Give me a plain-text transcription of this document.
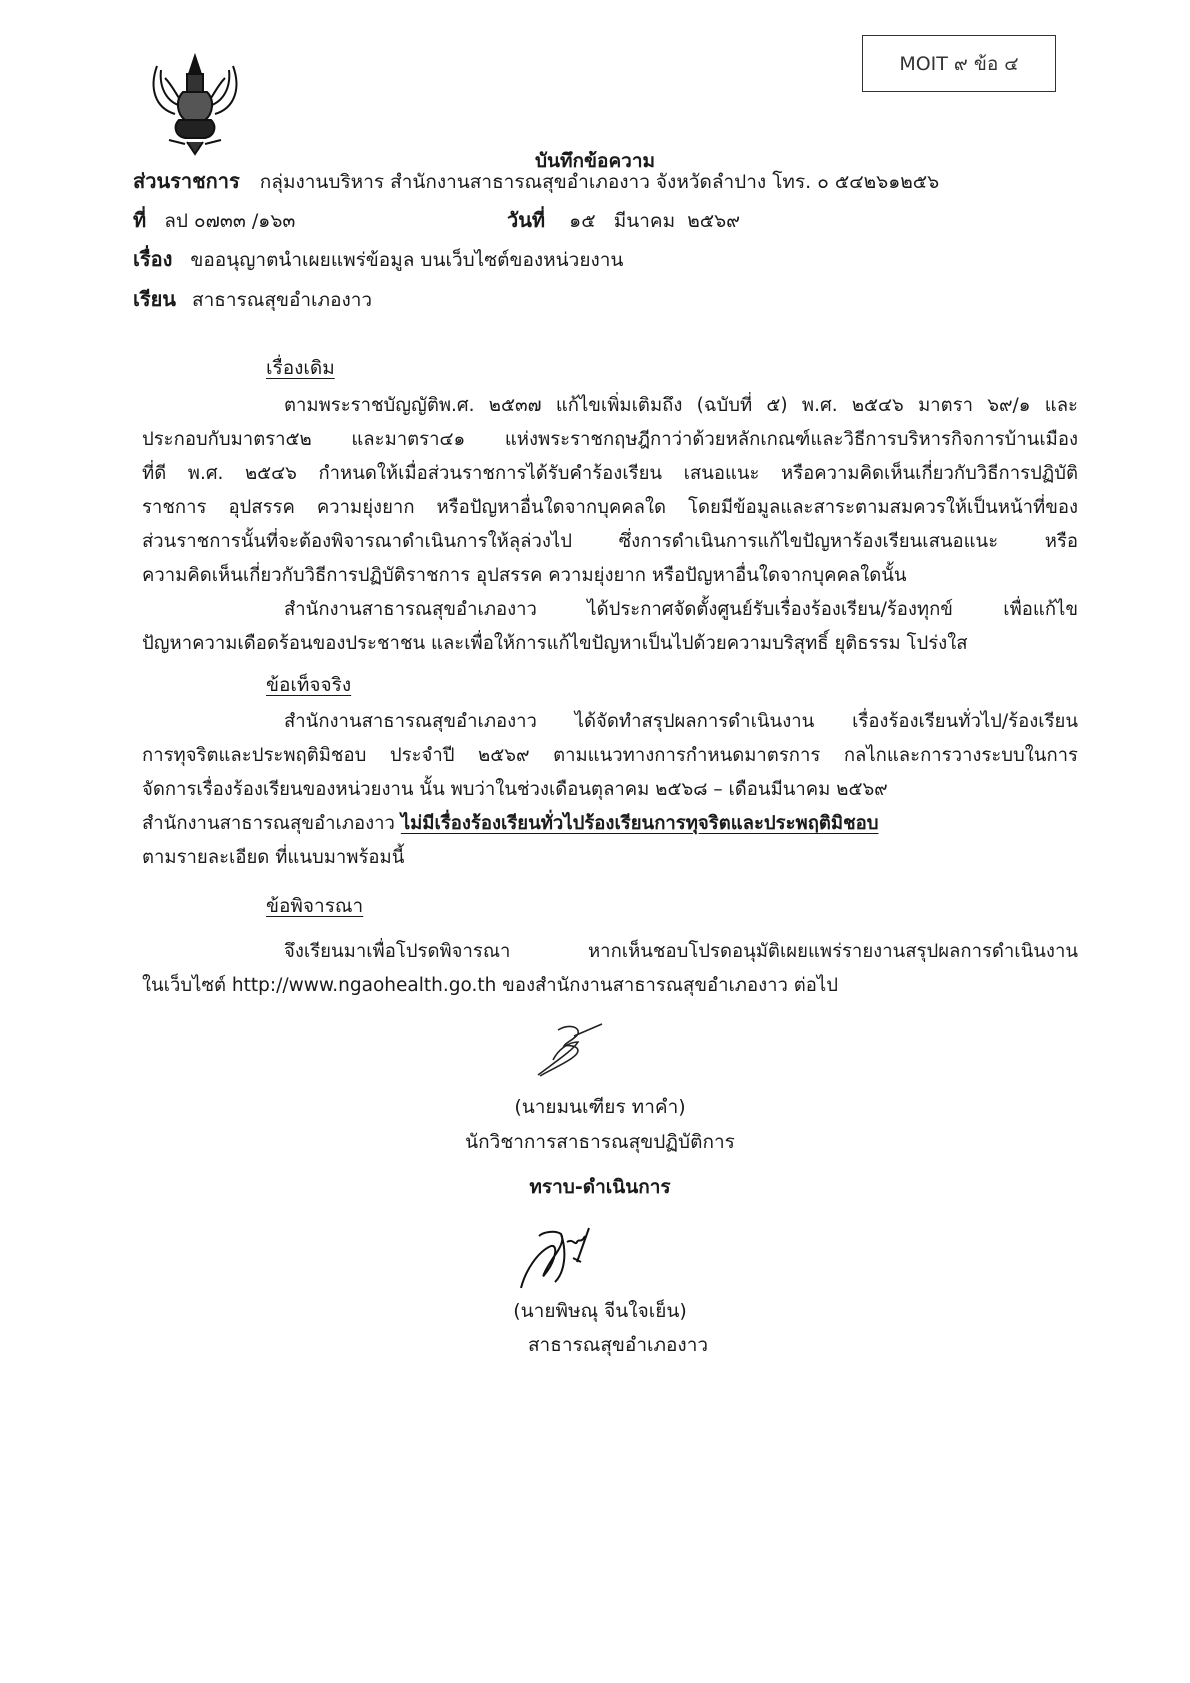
MOIT ๙ ข้อ ๔
บันทึกข้อความ
ส่วนราชการ กลุ่มงานบริหาร สำนักงานสาธารณสุขอำเภองาว จังหวัดลำปาง โทร. ๐ ๕๔๒๖๑๒๕๖
ที่ ลป ๐๗๓๓ /๑๖๓	วันที่ ๑๕   มีนาคม  ๒๕๖๙
เรื่อง ขออนุญาตนำเผยแพร่ข้อมูล บนเว็บไซต์ของหน่วยงาน
เรียน สาธารณสุขอำเภองาว
เรื่องเดิม
ตามพระราชบัญญัติพ.ศ. ๒๕๓๗ แก้ไขเพิ่มเติมถึง (ฉบับที่ ๕) พ.ศ. ๒๕๔๖ มาตรา ๖๙/๑ และ
ประกอบกับมาตรา๕๒ และมาตรา๔๑ แห่งพระราชกฤษฎีกาว่าด้วยหลักเกณฑ์และวิธีการบริหารกิจการบ้านเมือง
ที่ดี พ.ศ. ๒๕๔๖ กำหนดให้เมื่อส่วนราชการได้รับคำร้องเรียน เสนอแนะ หรือความคิดเห็นเกี่ยวกับวิธีการปฏิบัติ
ราชการ อุปสรรค ความยุ่งยาก หรือปัญหาอื่นใดจากบุคคลใด โดยมีข้อมูลและสาระตามสมควรให้เป็นหน้าที่ของ
ส่วนราชการนั้นที่จะต้องพิจารณาดำเนินการให้ลุล่วงไป ซึ่งการดำเนินการแก้ไขปัญหาร้องเรียนเสนอแนะ หรือ
ความคิดเห็นเกี่ยวกับวิธีการปฏิบัติราชการ อุปสรรค ความยุ่งยาก หรือปัญหาอื่นใดจากบุคคลใดนั้น
สำนักงานสาธารณสุขอำเภองาว ได้ประกาศจัดตั้งศูนย์รับเรื่องร้องเรียน/ร้องทุกข์ เพื่อแก้ไข
ปัญหาความเดือดร้อนของประชาชน และเพื่อให้การแก้ไขปัญหาเป็นไปด้วยความบริสุทธิ์ ยุติธรรม โปร่งใส
ข้อเท็จจริง
สำนักงานสาธารณสุขอำเภองาว ได้จัดทำสรุปผลการดำเนินงาน เรื่องร้องเรียนทั่วไป/ร้องเรียน
การทุจริตและประพฤติมิชอบ ประจำปี ๒๕๖๙ ตามแนวทางการกำหนดมาตรการ กลไกและการวางระบบในการ
จัดการเรื่องร้องเรียนของหน่วยงาน นั้น พบว่าในช่วงเดือนตุลาคม ๒๕๖๘ – เดือนมีนาคม ๒๕๖๙
สำนักงานสาธารณสุขอำเภองาว ไม่มีเรื่องร้องเรียนทั่วไปร้องเรียนการทุจริตและประพฤติมิชอบ
ตามรายละเอียด ที่แนบมาพร้อมนี้
ข้อพิจารณา
จึงเรียนมาเพื่อโปรดพิจารณา หากเห็นชอบโปรดอนุมัติเผยแพร่รายงานสรุปผลการดำเนินงาน
ในเว็บไซต์ http://www.ngaohealth.go.th ของสำนักงานสาธารณสุขอำเภองาว ต่อไป
(นายมนเฑียร ทาคำ)
นักวิชาการสาธารณสุขปฏิบัติการ
ทราบ-ดำเนินการ
(นายพิษณุ จีนใจเย็น)
สาธารณสุขอำเภองาว
